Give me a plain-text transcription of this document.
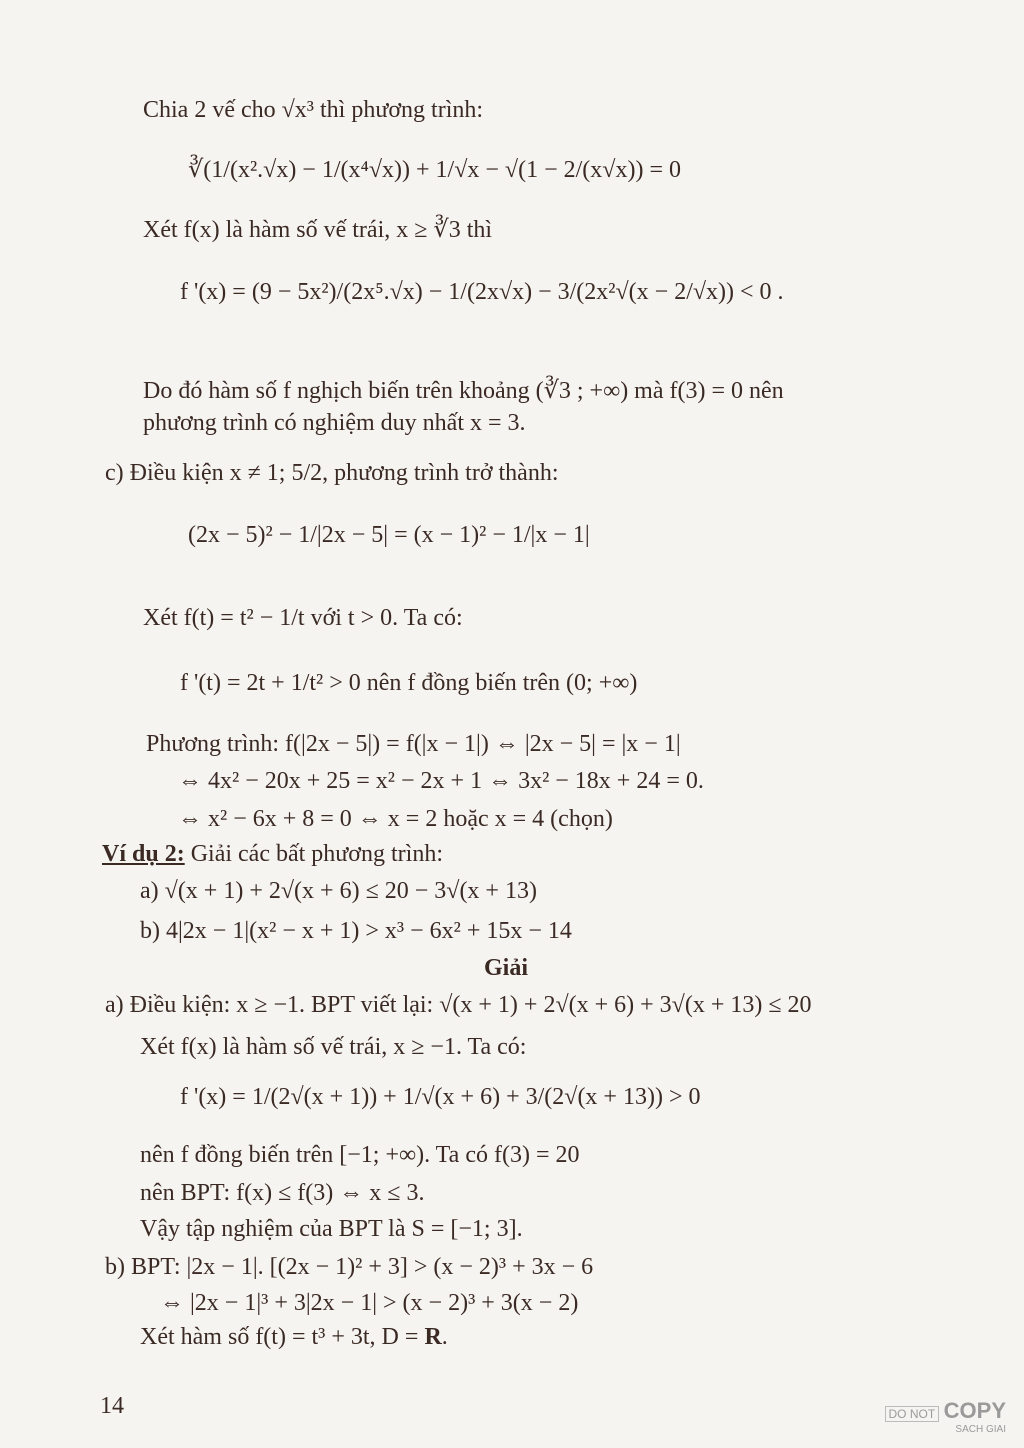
Chia 2 vế cho √x³ thì phương trình:
∛(1/(x².√x) − 1/(x⁴√x)) + 1/√x − √(1 − 2/(x√x)) = 0
Xét f(x) là hàm số vế trái, x ≥ ∛3 thì
f '(x) = (9 − 5x²)/(2x⁵.√x) − 1/(2x√x) − 3/(2x²√(x − 2/√x)) < 0 .
Do đó hàm số f nghịch biến trên khoảng (∛3 ; +∞) mà f(3) = 0 nên
phương trình có nghiệm duy nhất x = 3.
c) Điều kiện x ≠ 1; 5/2, phương trình trở thành:
(2x − 5)² − 1/|2x − 5| = (x − 1)² − 1/|x − 1|
Xét f(t) = t² − 1/t với t > 0. Ta có:
f '(t) = 2t + 1/t² > 0 nên f đồng biến trên (0; +∞)
Phương trình: f(|2x − 5|) = f(|x − 1|) ⇔ |2x − 5| = |x − 1|
⇔ 4x² − 20x + 25 = x² − 2x + 1 ⇔ 3x² − 18x + 24 = 0.
⇔ x² − 6x + 8 = 0 ⇔ x = 2 hoặc x = 4 (chọn)
Ví dụ 2: Giải các bất phương trình:
a) √(x + 1) + 2√(x + 6) ≤ 20 − 3√(x + 13)
b) 4|2x − 1|(x² − x + 1) > x³ − 6x² + 15x − 14
Giải
a) Điều kiện: x ≥ −1. BPT viết lại: √(x + 1) + 2√(x + 6) + 3√(x + 13) ≤ 20
Xét f(x) là hàm số vế trái, x ≥ −1. Ta có:
f '(x) = 1/(2√(x + 1)) + 1/√(x + 6) + 3/(2√(x + 13)) > 0
nên f đồng biến trên [−1; +∞). Ta có f(3) = 20
nên BPT: f(x) ≤ f(3) ⇔ x ≤ 3.
Vậy tập nghiệm của BPT là S = [−1; 3].
b) BPT: |2x − 1|. [(2x − 1)² + 3] > (x − 2)³ + 3x − 6
⇔ |2x − 1|³ + 3|2x − 1| > (x − 2)³ + 3(x − 2)
Xét hàm số f(t) = t³ + 3t, D = R.
14	DO NOT COPY
SACH GIAI
